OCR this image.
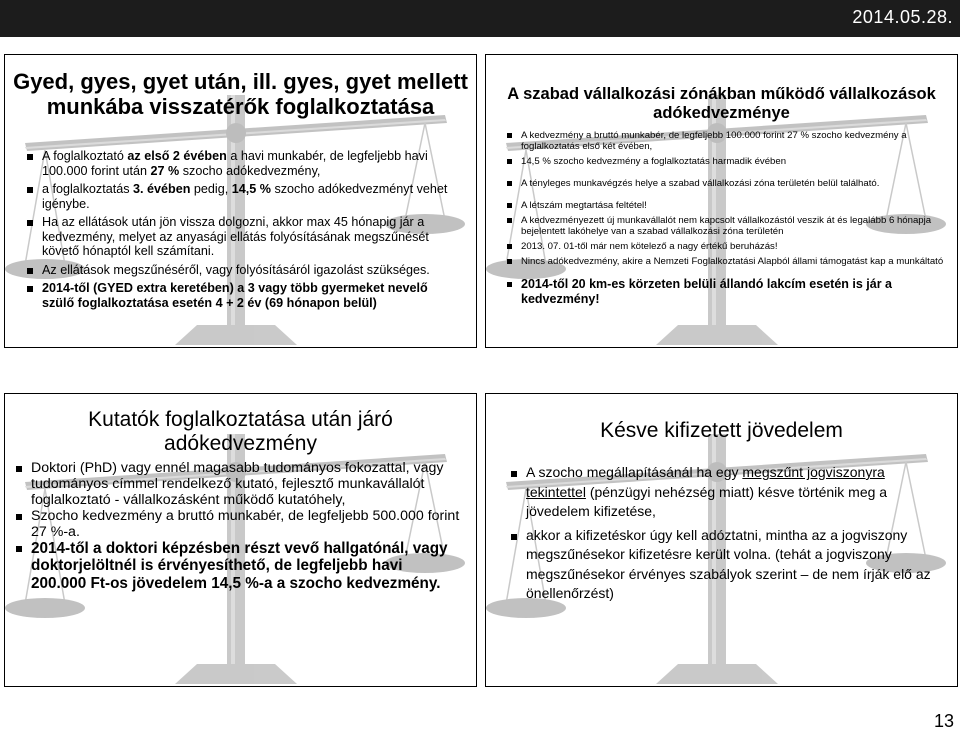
2014.05.28.
Gyed, gyes, gyet után, ill. gyes, gyet mellett munkába visszatérők foglalkoztatása
A foglalkoztató az első 2 évében a havi munkabér, de legfeljebb havi 100.000 forint után 27 % szocho adókedvezmény,
a foglalkoztatás 3. évében pedig, 14,5 % szocho adókedvezményt vehet igénybe.
Ha az ellátások után jön vissza dolgozni, akkor max 45 hónapig jár a kedvezmény, melyet az anyasági ellátás folyósításának megszűnését követő hónaptól kell számítani.
Az ellátások megszűnéséről, vagy folyósításáról igazolást szükséges.
2014-től (GYED extra keretében) a 3 vagy több gyermeket nevelő szülő foglalkoztatása esetén 4 + 2 év (69 hónapon belül)
A szabad vállalkozási zónákban működő vállalkozások adókedvezménye
A kedvezmény a bruttó munkabér, de legfeljebb 100.000 forint 27 % szocho kedvezmény a foglalkoztatás első két évében,
14,5 % szocho kedvezmény a foglalkoztatás harmadik évében
A tényleges munkavégzés helye a szabad vállalkozási zóna területén belül található.
A létszám megtartása feltétel!
A kedvezményezett új munkavállalót nem kapcsolt vállalkozástól veszik át és legalább 6 hónapja bejelentett lakóhelye van a szabad vállalkozási zóna területén
2013. 07. 01-től már nem kötelező a nagy értékű beruházás!
Nincs adókedvezmény, akire a Nemzeti Foglalkoztatási Alapból állami támogatást kap a munkáltató
2014-től 20 km-es körzeten belüli állandó lakcím esetén is jár a kedvezmény!
Kutatók foglalkoztatása után járó adókedvezmény
Doktori (PhD) vagy ennél magasabb tudományos fokozattal, vagy tudományos címmel rendelkező kutató, fejlesztő munkavállalót foglalkoztató - vállalkozásként működő kutatóhely,
Szocho kedvezmény a bruttó munkabér, de legfeljebb 500.000 forint 27 %-a.
2014-től a doktori képzésben részt vevő hallgatónál, vagy doktorjelöltnél is érvényesíthető, de legfeljebb havi 200.000 Ft-os jövedelem 14,5 %-a a szocho kedvezmény.
Késve kifizetett jövedelem
A szocho megállapításánál ha egy megszűnt jogviszonyra tekintettel (pénzügyi nehézség miatt) késve történik meg a jövedelem kifizetése,
akkor a kifizetéskor úgy kell adóztatni, mintha az a jogviszony megszűnésekor kifizetésre került volna. (tehát a jogviszony megszűnésekor érvényes szabályok szerint – de nem írják elő az önellenőrzést)
13
